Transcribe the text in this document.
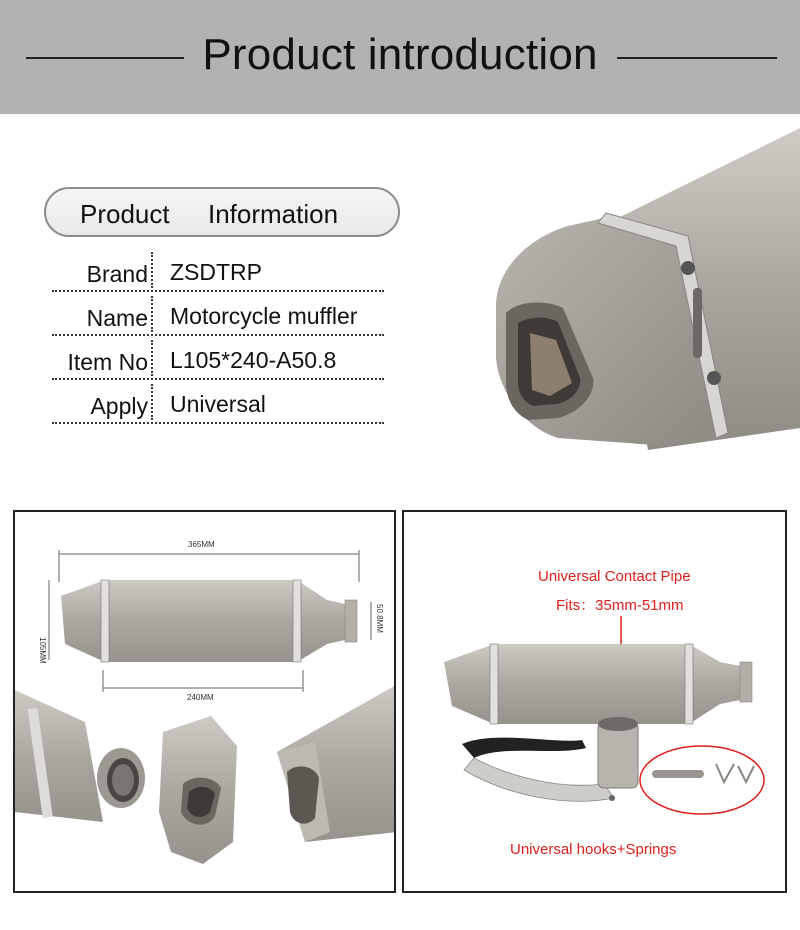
Product introduction
Product Information
Brand ZSDTRP
Name Motorcycle muffler
Item No L105*240-A50.8
Apply Universal
365MM
105MM
50.8MM
240MM
Universal Contact Pipe
Fits：35mm-51mm
Universal hooks+Springs
